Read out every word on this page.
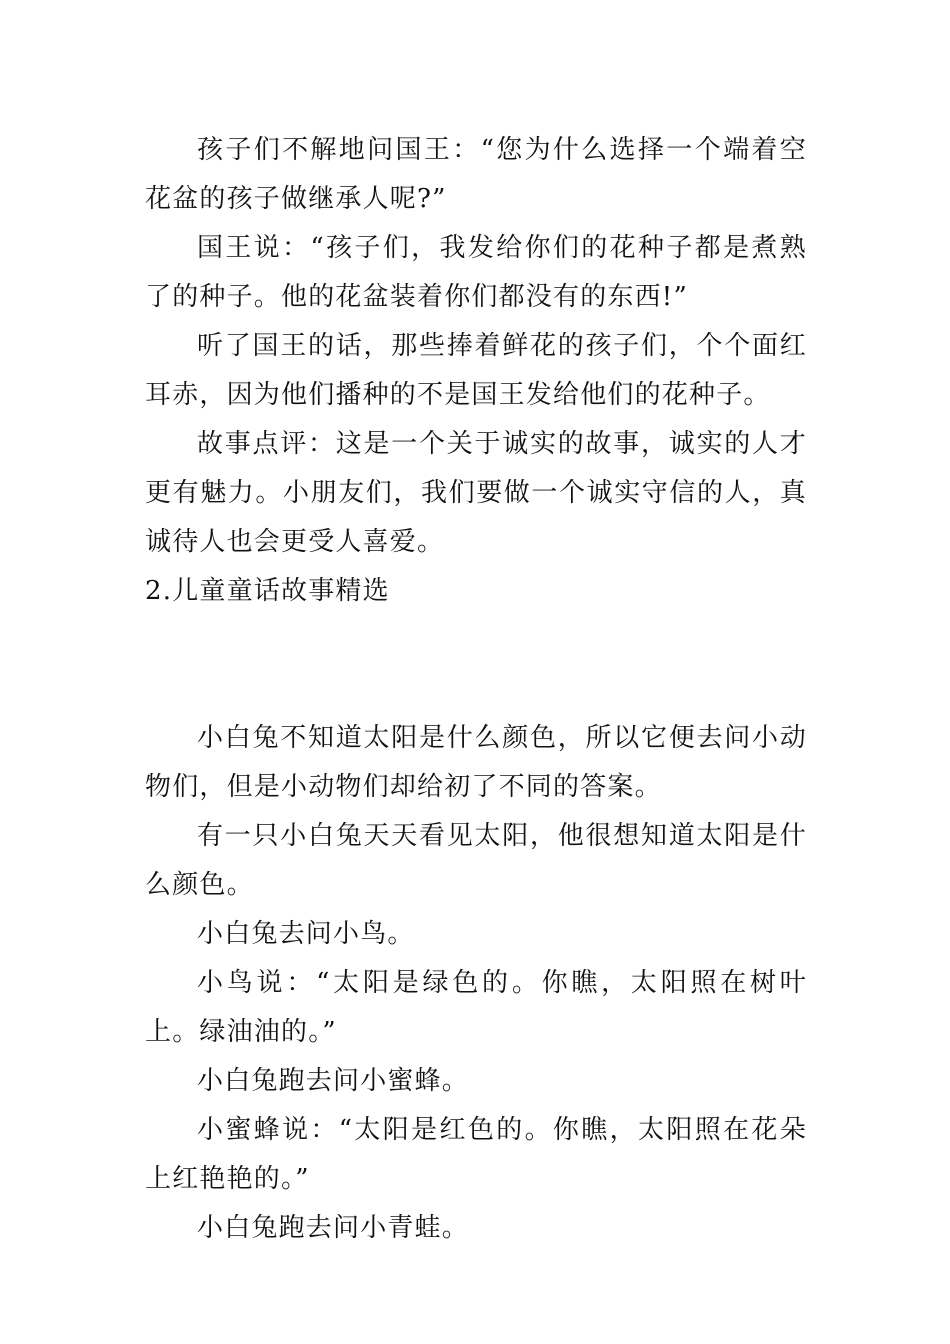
孩子们不解地问国王：“您为什么选择一个端着空花盆的孩子做继承人呢?”

国王说：“孩子们，我发给你们的花种子都是煮熟了的种子。他的花盆装着你们都没有的东西!”

听了国王的话，那些捧着鲜花的孩子们，个个面红耳赤，因为他们播种的不是国王发给他们的花种子。

故事点评：这是一个关于诚实的故事，诚实的人才更有魅力。小朋友们，我们要做一个诚实守信的人，真诚待人也会更受人喜爱。

2.儿童童话故事精选

小白兔不知道太阳是什么颜色，所以它便去问小动物们，但是小动物们却给初了不同的答案。

有一只小白兔天天看见太阳，他很想知道太阳是什么颜色。

小白兔去问小鸟。

小鸟说：“太阳是绿色的。你瞧，太阳照在树叶上。绿油油的。”

小白兔跑去问小蜜蜂。

小蜜蜂说：“太阳是红色的。你瞧，太阳照在花朵上红艳艳的。”

小白兔跑去问小青蛙。
